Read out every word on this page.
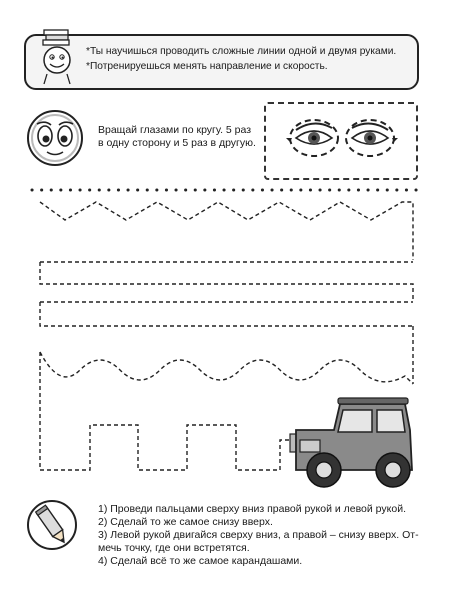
*Ты научишься проводить сложные линии одной и двумя руками.

*Потренируешься менять направление и скорость.

Вращай глазами по кругу. 5 раз

в одну сторону и 5 раз в другую.

1) Проведи пальцами сверху вниз правой рукой и левой рукой.

2) Сделай то же самое снизу вверх.

3) Левой рукой двигайся сверху вниз, а правой – снизу вверх. От-

мечь точку, где они встретятся.

4) Сделай всё то же самое карандашами.
